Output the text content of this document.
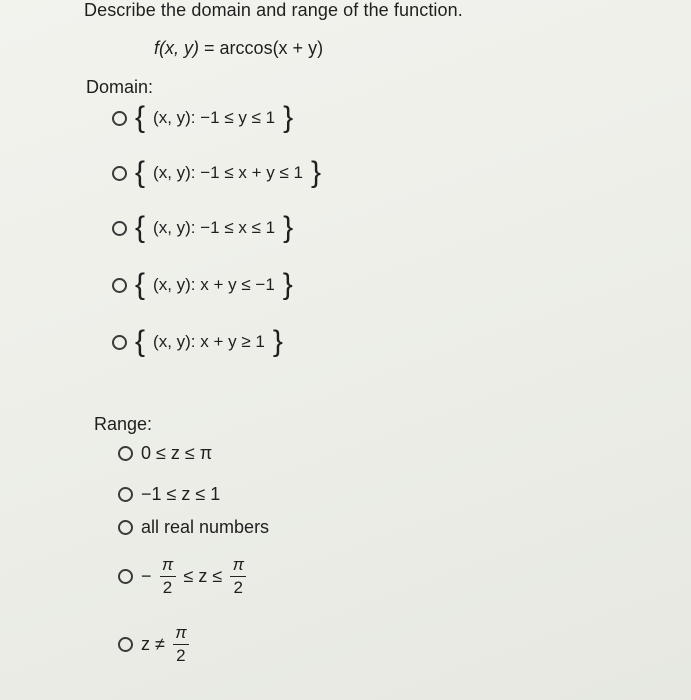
Describe the domain and range of the function.
f(x, y) = arccos(x + y)
Domain:
{ (x, y): −1 ≤ y ≤ 1 }
{ (x, y): −1 ≤ x + y ≤ 1 }
{ (x, y): −1 ≤ x ≤ 1 }
{ (x, y): x + y ≤ −1 }
{ (x, y): x + y ≥ 1 }
Range:
0 ≤ z ≤ π
−1 ≤ z ≤ 1
all real numbers
− $\frac{\pi}{2} \le z \le \frac{\pi}{2}$
$z \ne \frac{\pi}{2}$
